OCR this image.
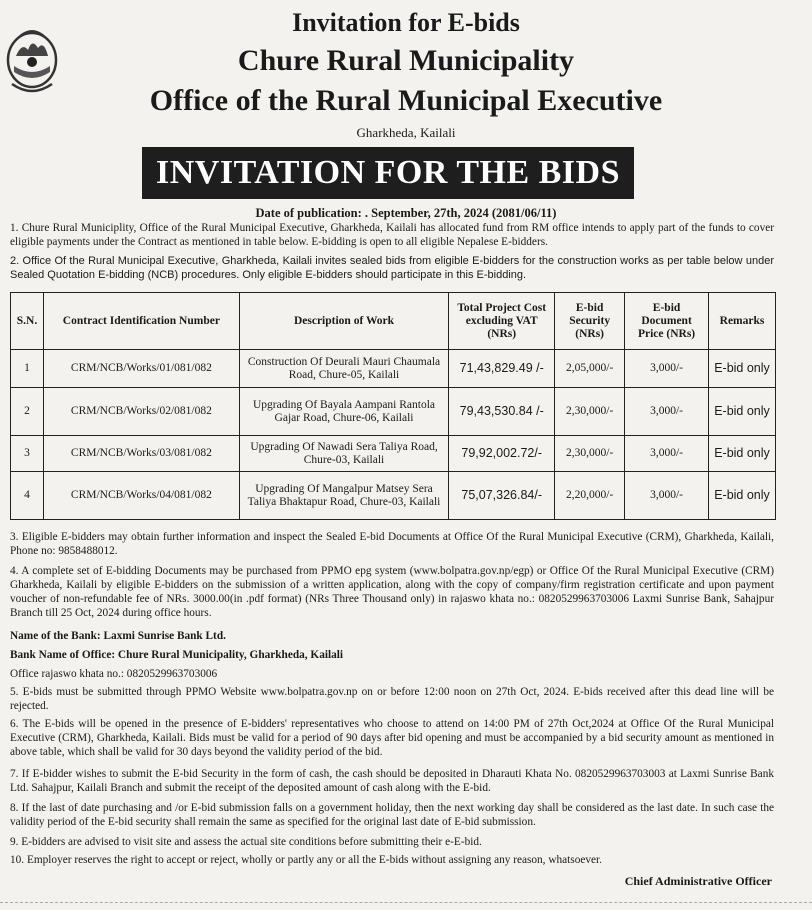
Invitation for E-bids
Chure Rural Municipality
Office of the Rural Municipal Executive
Gharkheda, Kailali
INVITATION FOR THE BIDS
Date of publication: . September, 27th, 2024 (2081/06/11)
1. Chure Rural Municiplity, Office of the Rural Municipal Executive, Gharkheda, Kailali has allocated fund from RM office intends to apply part of the funds to cover eligible payments under the Contract as mentioned in table below. E-bidding is open to all eligible Nepalese E-bidders.
2. Office Of the Rural Municipal Executive, Gharkheda, Kailali invites sealed bids from eligible E-bidders for the construction works as per table below under Sealed Quotation E-bidding (NCB) procedures. Only eligible E-bidders should participate in this E-bidding.
S.N.	Contract Identification Number	Description of Work	Total Project Cost excluding VAT (NRs)	E-bid Security (NRs)	E-bid Document Price (NRs)	Remarks
1	CRM/NCB/Works/01/081/082	Construction Of Deurali Mauri Chaumala Road, Chure-05, Kailali	71,43,829.49 /-	2,05,000/-	3,000/-	E-bid only
2	CRM/NCB/Works/02/081/082	Upgrading Of Bayala Aampani Rantola Gajar Road, Chure-06, Kailali	79,43,530.84 /-	2,30,000/-	3,000/-	E-bid only
3	CRM/NCB/Works/03/081/082	Upgrading Of Nawadi Sera Taliya Road, Chure-03, Kailali	79,92,002.72/-	2,30,000/-	3,000/-	E-bid only
4	CRM/NCB/Works/04/081/082	Upgrading Of Mangalpur Matsey Sera Taliya Bhaktapur Road, Chure-03, Kailali	75,07,326.84/-	2,20,000/-	3,000/-	E-bid only
3. Eligible E-bidders may obtain further information and inspect the Sealed E-bid Documents at Office Of the Rural Municipal Executive (CRM), Gharkheda, Kailali, Phone no: 9858488012.
4. A complete set of E-bidding Documents may be purchased from PPMO epg system (www.bolpatra.gov.np/egp) or Office Of the Rural Municipal Executive (CRM) Gharkheda, Kailali by eligible E-bidders on the submission of a written application, along with the copy of company/firm registration certificate and upon payment voucher of non-refundable fee of NRs. 3000.00(in .pdf format) (NRs Three Thousand only) in rajaswo khata no.: 0820529963703006 Laxmi Sunrise Bank, Sahajpur Branch till 25 Oct, 2024 during office hours.
Name of the Bank: Laxmi Sunrise Bank Ltd.
Bank Name of Office: Chure Rural Municipality, Gharkheda, Kailali
Office rajaswo khata no.: 0820529963703006
5. E-bids must be submitted through PPMO Website www.bolpatra.gov.np on or before 12:00 noon on 27th Oct, 2024. E-bids received after this dead line will be rejected.
6. The E-bids will be opened in the presence of E-bidders' representatives who choose to attend on 14:00 PM of 27th Oct,2024 at Office Of the Rural Municipal Executive (CRM), Gharkheda, Kailali. Bids must be valid for a period of 90 days after bid opening and must be accompanied by a bid security amount as mentioned in above table, which shall be valid for 30 days beyond the validity period of the bid.
7. If E-bidder wishes to submit the E-bid Security in the form of cash, the cash should be deposited in Dharauti Khata No. 0820529963703003 at Laxmi Sunrise Bank Ltd. Sahajpur, Kailali Branch and submit the receipt of the deposited amount of cash along with the E-bid.
8. If the last of date purchasing and /or E-bid submission falls on a government holiday, then the next working day shall be considered as the last date. In such case the validity period of the E-bid security shall remain the same as specified for the original last date of E-bid submission.
9. E-bidders are advised to visit site and assess the actual site conditions before submitting their e-E-bid.
10. Employer reserves the right to accept or reject, wholly or partly any or all the E-bids without assigning any reason, whatsoever.
Chief Administrative Officer
